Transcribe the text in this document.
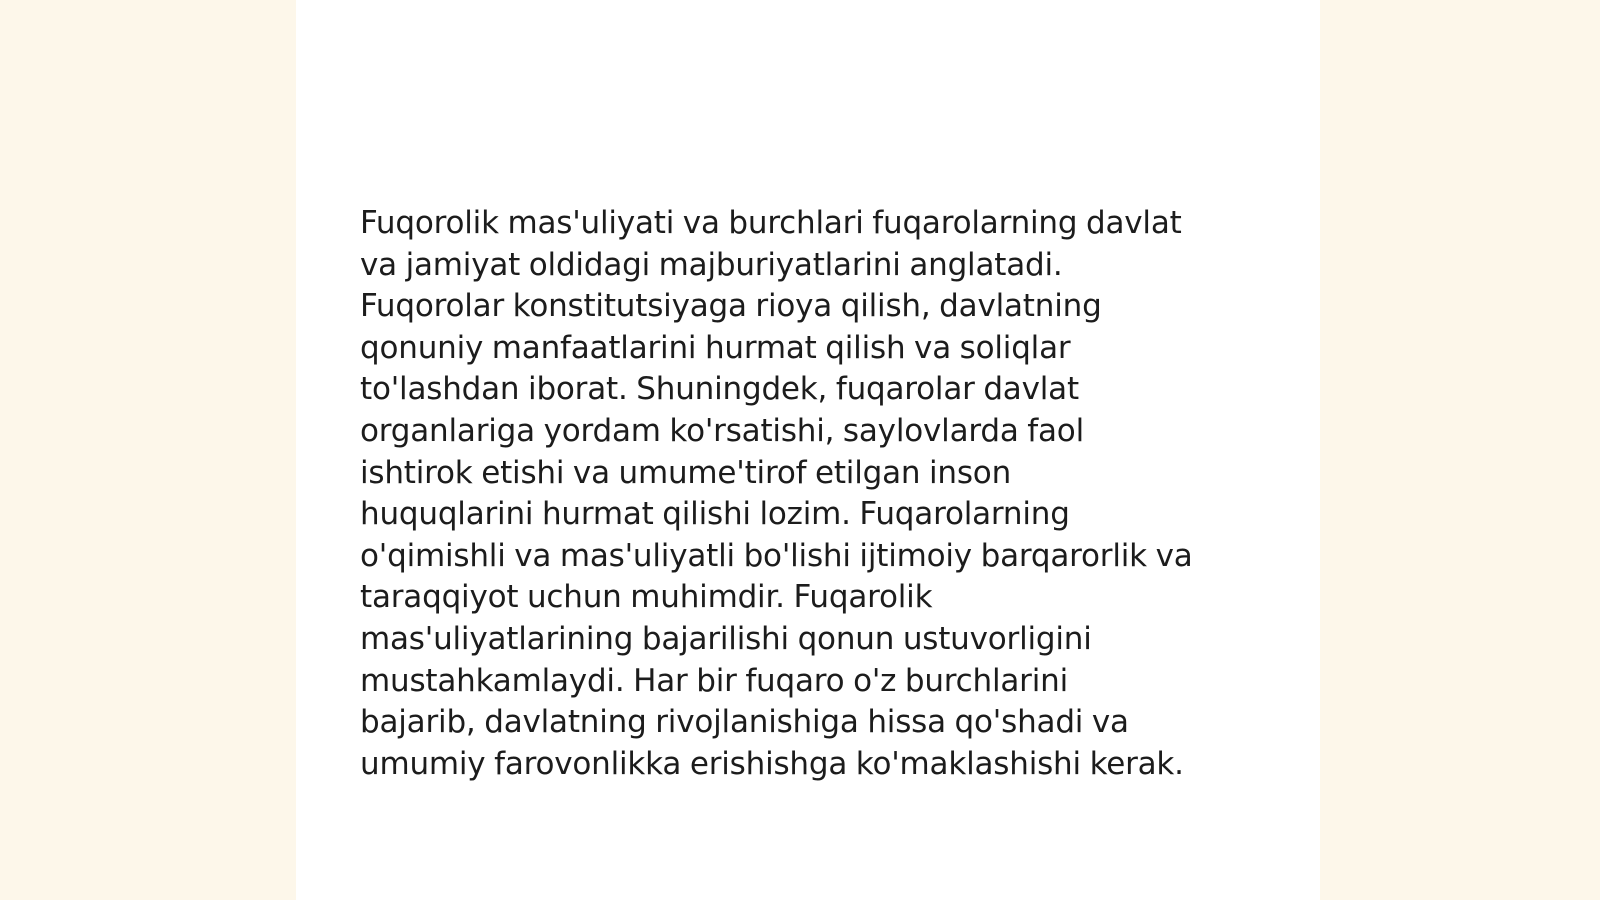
Fuqorolik mas'uliyati va burchlari fuqarolarning davlat
va jamiyat oldidagi majburiyatlarini anglatadi.
Fuqorolar konstitutsiyaga rioya qilish, davlatning
qonuniy manfaatlarini hurmat qilish va soliqlar
to'lashdan iborat. Shuningdek, fuqarolar davlat
organlariga yordam ko'rsatishi, saylovlarda faol
ishtirok etishi va umume'tirof etilgan inson
huquqlarini hurmat qilishi lozim. Fuqarolarning
o'qimishli va mas'uliyatli bo'lishi ijtimoiy barqarorlik va
taraqqiyot uchun muhimdir. Fuqarolik
mas'uliyatlarining bajarilishi qonun ustuvorligini
mustahkamlaydi. Har bir fuqaro o'z burchlarini
bajarib, davlatning rivojlanishiga hissa qo'shadi va
umumiy farovonlikka erishishga ko'maklashishi kerak.
